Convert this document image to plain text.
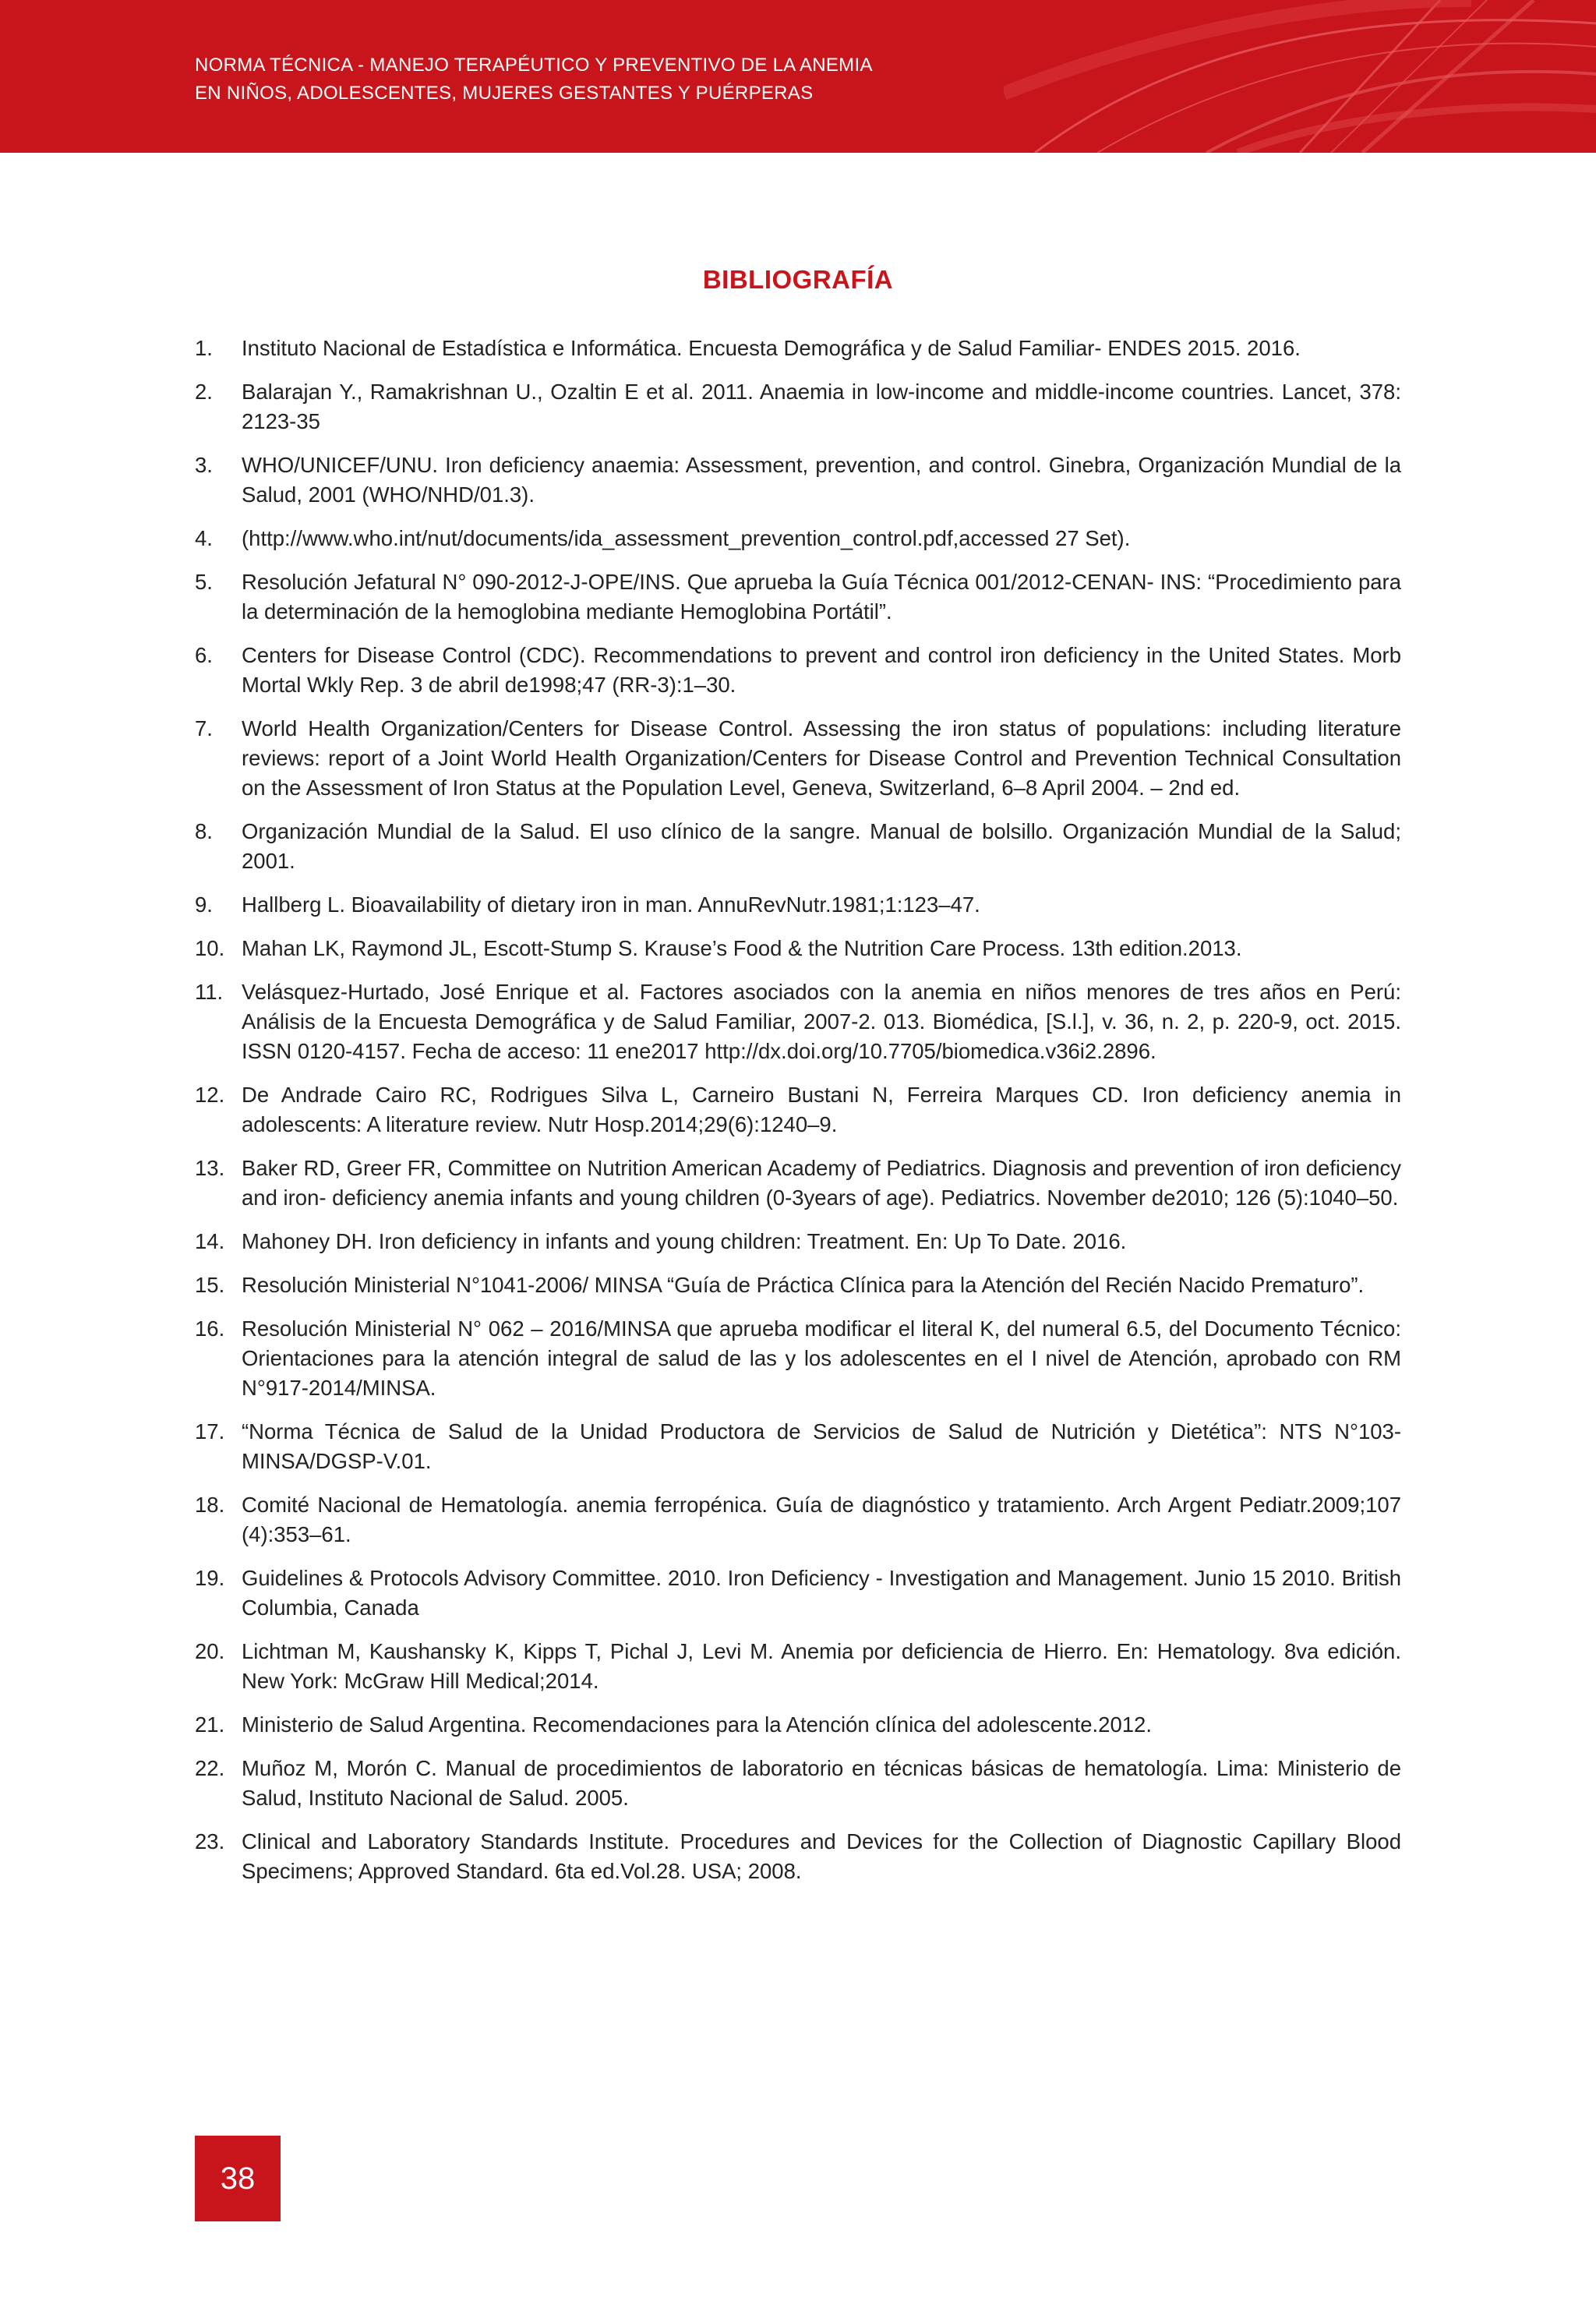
NORMA TÉCNICA - MANEJO TERAPÉUTICO Y PREVENTIVO DE LA ANEMIA
EN NIÑOS, ADOLESCENTES, MUJERES GESTANTES Y PUÉRPERAS
BIBLIOGRAFÍA
1. Instituto Nacional de Estadística e Informática. Encuesta Demográfica y de Salud Familiar- ENDES 2015. 2016.
2. Balarajan Y., Ramakrishnan U., Ozaltin E et al. 2011. Anaemia in low-income and middle-income countries. Lancet, 378: 2123-35
3. WHO/UNICEF/UNU. Iron deficiency anaemia: Assessment, prevention, and control. Ginebra, Organización Mundial de la Salud, 2001 (WHO/NHD/01.3).
4. (http://www.who.int/nut/documents/ida_assessment_prevention_control.pdf,accessed 27 Set).
5. Resolución Jefatural N° 090-2012-J-OPE/INS. Que aprueba la Guía Técnica 001/2012-CENAN- INS: “Procedimiento para la determinación de la hemoglobina mediante Hemoglobina Portátil”.
6. Centers for Disease Control (CDC). Recommendations to prevent and control iron deficiency in the United States. Morb Mortal Wkly Rep. 3 de abril de1998;47 (RR-3):1–30.
7. World Health Organization/Centers for Disease Control. Assessing the iron status of populations: including literature reviews: report of a Joint World Health Organization/Centers for Disease Control and Prevention Technical Consultation on the Assessment of Iron Status at the Population Level, Geneva, Switzerland, 6–8 April 2004. – 2nd ed.
8. Organización Mundial de la Salud. El uso clínico de la sangre. Manual de bolsillo. Organización Mundial de la Salud; 2001.
9. Hallberg L. Bioavailability of dietary iron in man. AnnuRevNutr.1981;1:123–47.
10. Mahan LK, Raymond JL, Escott-Stump S. Krause’s Food & the Nutrition Care Process. 13th edition.2013.
11. Velásquez-Hurtado, José Enrique et al. Factores asociados con la anemia en niños menores de tres años en Perú: Análisis de la Encuesta Demográfica y de Salud Familiar, 2007-2. 013. Biomédica, [S.l.], v. 36, n. 2, p. 220-9, oct. 2015. ISSN 0120-4157. Fecha de acceso: 11 ene2017 http://dx.doi.org/10.7705/biomedica.v36i2.2896.
12. De Andrade Cairo RC, Rodrigues Silva L, Carneiro Bustani N, Ferreira Marques CD. Iron deficiency anemia in adolescents: A literature review. Nutr Hosp.2014;29(6):1240–9.
13. Baker RD, Greer FR, Committee on Nutrition American Academy of Pediatrics. Diagnosis and prevention of iron deficiency and iron- deficiency anemia infants and young children (0-3years of age). Pediatrics. November de2010; 126 (5):1040–50.
14. Mahoney DH. Iron deficiency in infants and young children: Treatment. En: Up To Date. 2016.
15. Resolución Ministerial N°1041-2006/ MINSA “Guía de Práctica Clínica para la Atención del Recién Nacido Prematuro”.
16. Resolución Ministerial N° 062 – 2016/MINSA que aprueba modificar el literal K, del numeral 6.5, del Documento Técnico: Orientaciones para la atención integral de salud de las y los adolescentes en el I nivel de Atención, aprobado con RM N°917-2014/MINSA.
17. “Norma Técnica de Salud de la Unidad Productora de Servicios de Salud de Nutrición y Dietética”: NTS N°103-MINSA/DGSP-V.01.
18. Comité Nacional de Hematología. anemia ferropénica. Guía de diagnóstico y tratamiento. Arch Argent Pediatr.2009;107 (4):353–61.
19. Guidelines & Protocols Advisory Committee. 2010. Iron Deficiency - Investigation and Management. Junio 15 2010. British Columbia, Canada
20. Lichtman M, Kaushansky K, Kipps T, Pichal J, Levi M. Anemia por deficiencia de Hierro. En: Hematology. 8va edición. New York: McGraw Hill Medical;2014.
21. Ministerio de Salud Argentina. Recomendaciones para la Atención clínica del adolescente.2012.
22. Muñoz M, Morón C. Manual de procedimientos de laboratorio en técnicas básicas de hematología. Lima: Ministerio de Salud, Instituto Nacional de Salud. 2005.
23. Clinical and Laboratory Standards Institute. Procedures and Devices for the Collection of Diagnostic Capillary Blood Specimens; Approved Standard. 6ta ed.Vol.28. USA; 2008.
38
